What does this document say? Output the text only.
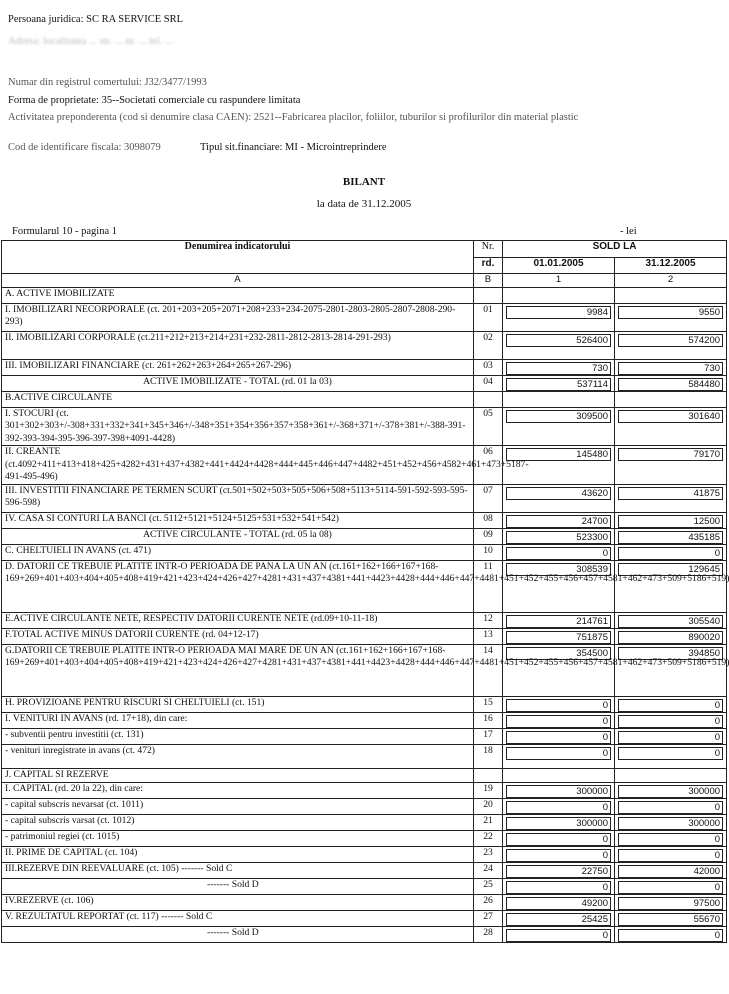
Persoana juridica: SC RA SERVICE SRL
Adresa: localitatea ... str. ... nr. ... tel. ...
Numar din registrul comertului: J32/3477/1993
Forma de proprietate: 35--Societati comerciale cu raspundere limitata
Activitatea preponderenta (cod si denumire clasa CAEN): 2521--Fabricarea placilor, foliilor, tuburilor si profilurilor din material plastic
Cod de identificare fiscala: 3098079	Tipul sit.financiare: MI - Microintreprindere
BILANT
la data de 31.12.2005
Formularul 10 - pagina 1	- lei
Denumirea indicatorului	Nr.	SOLD LA	
	rd.	01.01.2005	31.12.2005
A	B	1	2
A. ACTIVE IMOBILIZATE			
I. IMOBILIZARI NECORPORALE (ct. 201+203+205+2071+208+233+234-2075-2801-2803-2805-2807-2808-290-293)	01	9984	9550

II. IMOBILIZARI CORPORALE (ct.211+212+213+214+231+232-2811-2812-2813-2814-291-293)	02	526400	574200

III. IMOBILIZARI FINANCIARE (ct. 261+262+263+264+265+267-296)	03	730	730

ACTIVE IMOBILIZATE - TOTAL (rd. 01 la 03)	04	537114	584480

B.ACTIVE CIRCULANTE			
I. STOCURI (ct. 301+302+303+/-308+331+332+341+345+346+/-348+351+354+356+357+358+361+/-368+371+/-378+381+/-388-391-392-393-394-395-396-397-398+4091-4428)	05	309500	301640

II. CREANTE (ct.4092+411+413+418+425+4282+431+437+4382+441+4424+4428+444+445+446+447+4482+451+452+456+4582+461+473+5187-491-495-496)	06	145480	79170

III. INVESTITII FINANCIARE PE TERMEN SCURT (ct.501+502+503+505+506+508+5113+5114-591-592-593-595-596-598)	07	43620	41875

IV. CASA SI CONTURI LA BANCI (ct. 5112+5121+5124+5125+531+532+541+542)	08	24700	12500

ACTIVE CIRCULANTE - TOTAL (rd. 05 la 08)	09	523300	435185

C. CHELTUIELI IN AVANS (ct. 471)	10	0	0

D. DATORII CE TREBUIE PLATITE INTR-O PERIOADA DE PANA LA UN AN (ct.161+162+166+167+168-169+269+401+403+404+405+408+419+421+423+424+426+427+4281+431+437+4381+441+4423+4428+444+446+447+4481+451+452+455+456+457+4581+462+473+509+5186+519)	11	308539	129645

E.ACTIVE CIRCULANTE NETE, RESPECTIV DATORII CURENTE NETE (rd.09+10-11-18)	12	214761	305540

F.TOTAL ACTIVE MINUS DATORII CURENTE (rd. 04+12-17)	13	751875	890020

G.DATORII CE TREBUIE PLATITE INTR-O PERIOADA MAI MARE DE UN AN (ct.161+162+166+167+168-169+269+401+403+404+405+408+419+421+423+424+426+427+4281+431+437+4381+441+4423+4428+444+446+447+4481+451+452+455+456+457+4581+462+473+509+5186+519)	14	354500	394850

H. PROVIZIOANE PENTRU RISCURI SI CHELTUIELI (ct. 151)	15	0	0

I. VENITURI IN AVANS (rd. 17+18), din care:	16	0	0

- subventii pentru investitii (ct. 131)	17	0	0

- venituri inregistrate in avans (ct. 472)	18	0	0

J. CAPITAL SI REZERVE			
I. CAPITAL (rd. 20 la 22), din care:	19	300000	300000

- capital subscris nevarsat (ct. 1011)	20	0	0

- capital subscris varsat (ct. 1012)	21	300000	300000

- patrimoniul regiei (ct. 1015)	22	0	0

II. PRIME DE CAPITAL (ct. 104)	23	0	0

III.REZERVE DIN REEVALUARE (ct. 105) ------- Sold C	24	22750	42000

------- Sold D	25	0	0

IV.REZERVE (ct. 106)	26	49200	97500

V. REZULTATUL REPORTAT (ct. 117) ------- Sold C	27	25425	55670

------- Sold D	28	0	0
